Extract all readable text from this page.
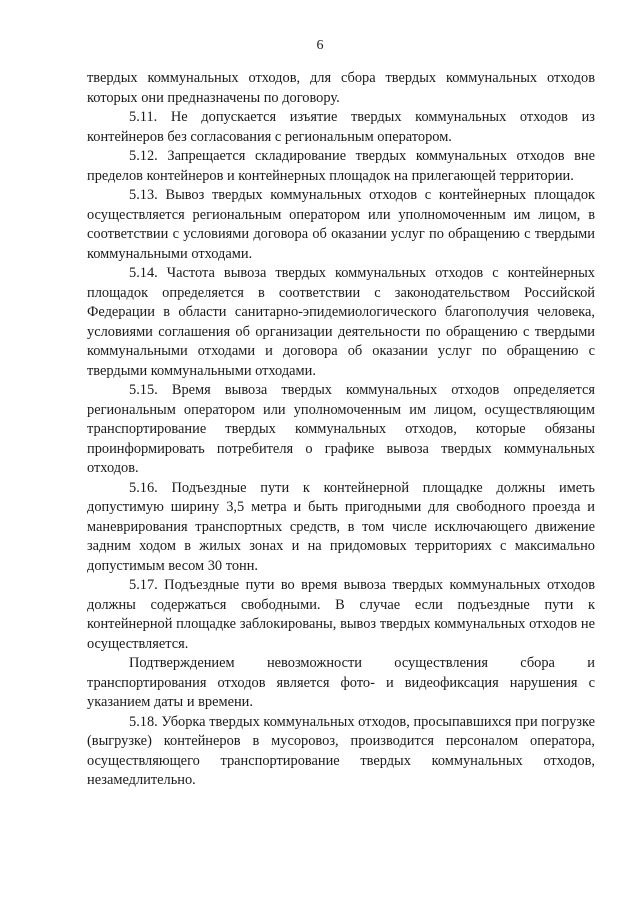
6

твердых коммунальных отходов, для сбора твердых коммунальных отходов которых они предназначены по договору.

5.11. Не допускается изъятие твердых коммунальных отходов из контейнеров без согласования с региональным оператором.

5.12. Запрещается складирование твердых коммунальных отходов вне пределов контейнеров и контейнерных площадок на прилегающей территории.

5.13. Вывоз твердых коммунальных отходов с контейнерных площадок осуществляется региональным оператором или уполномоченным им лицом, в соответствии с условиями договора об оказании услуг по обращению с твердыми коммунальными отходами.

5.14. Частота вывоза твердых коммунальных отходов с контейнерных площадок определяется в соответствии с законодательством Российской Федерации в области санитарно-эпидемиологического благополучия человека, условиями соглашения об организации деятельности по обращению с твердыми коммунальными отходами и договора об оказании услуг по обращению с твердыми коммунальными отходами.

5.15. Время вывоза твердых коммунальных отходов определяется региональным оператором или уполномоченным им лицом, осуществляющим транспортирование твердых коммунальных отходов, которые обязаны проинформировать потребителя о графике вывоза твердых коммунальных отходов.

5.16. Подъездные пути к контейнерной площадке должны иметь допустимую ширину 3,5 метра и быть пригодными для свободного проезда и маневрирования транспортных средств, в том числе исключающего движение задним ходом в жилых зонах и на придомовых территориях с максимально допустимым весом 30 тонн.

5.17. Подъездные пути во время вывоза твердых коммунальных отходов должны содержаться свободными. В случае если подъездные пути к контейнерной площадке заблокированы, вывоз твердых коммунальных отходов не осуществляется.

Подтверждением невозможности осуществления сбора и транспортирования отходов является фото- и видеофиксация нарушения с указанием даты и времени.

5.18. Уборка твердых коммунальных отходов, просыпавшихся при погрузке (выгрузке) контейнеров в мусоровоз, производится персоналом оператора, осуществляющего транспортирование твердых коммунальных отходов, незамедлительно.
